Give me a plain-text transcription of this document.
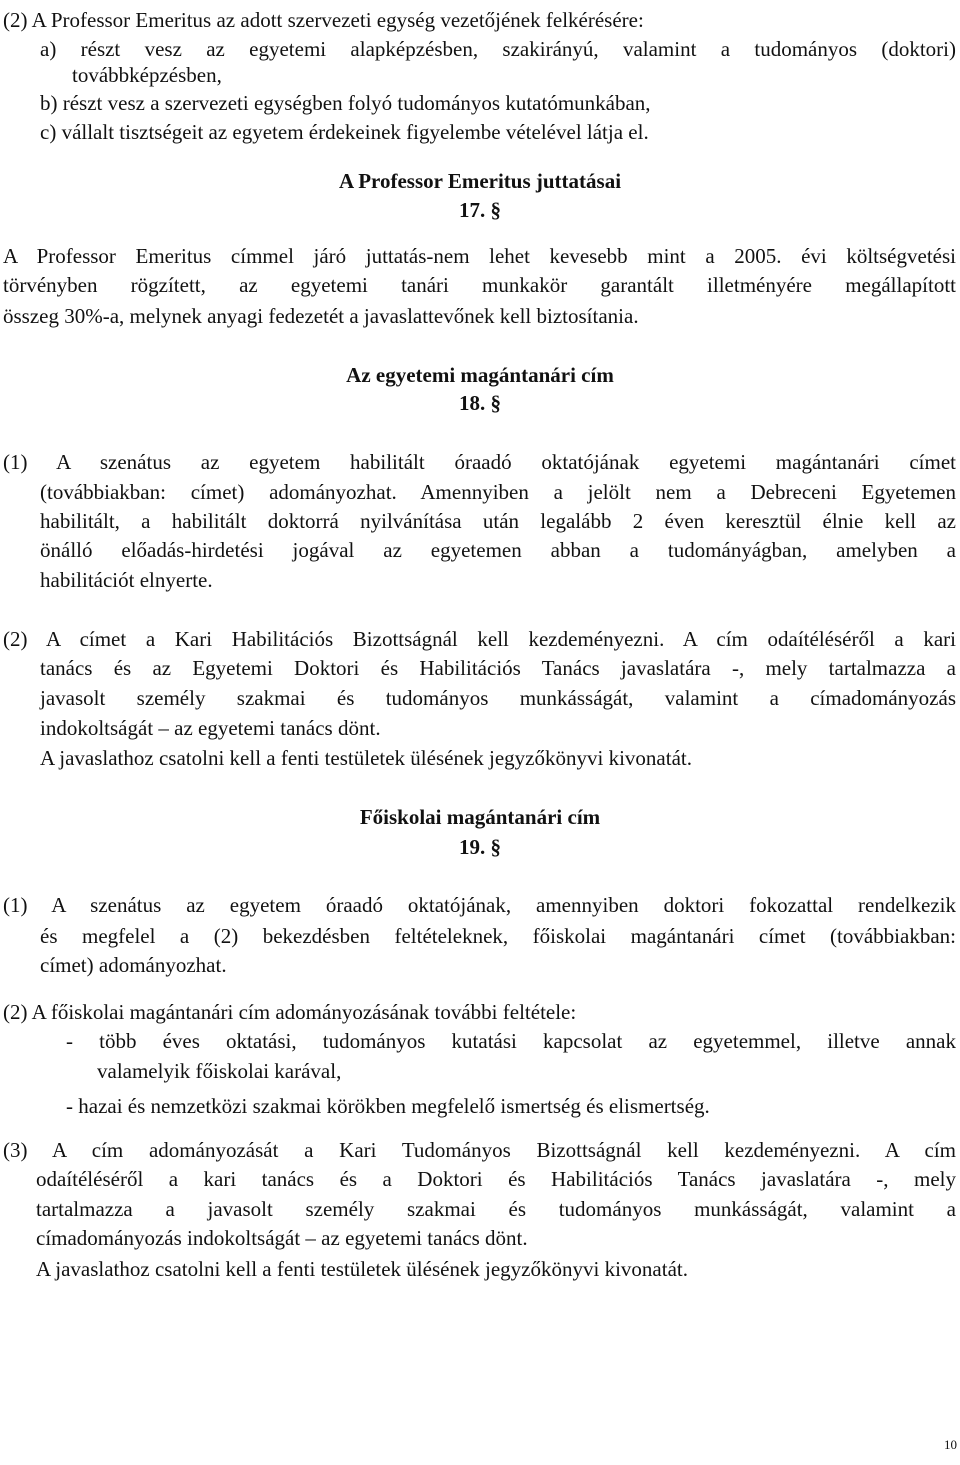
(2) A Professor Emeritus az adott szervezeti egység vezetőjének felkérésére:
a) részt vesz az egyetemi alapképzésben, szakirányú, valamint a tudományos (doktori)
továbbképzésben,
b) részt vesz a szervezeti egységben folyó tudományos kutatómunkában,
c) vállalt tisztségeit az egyetem érdekeinek figyelembe vételével látja el.
A Professor Emeritus juttatásai
17. §
A Professor Emeritus címmel járó juttatás-nem lehet kevesebb mint a 2005. évi költségvetési
törvényben rögzített, az egyetemi tanári munkakör garantált illetményére megállapított
összeg 30%-a, melynek anyagi fedezetét a javaslattevőnek kell biztosítania.
Az egyetemi magántanári cím
18. §
(1) A szenátus az egyetem habilitált óraadó oktatójának egyetemi magántanári címet
(továbbiakban: címet) adományozhat. Amennyiben a jelölt nem a Debreceni Egyetemen
habilitált, a habilitált doktorrá nyilvánítása után legalább 2 éven keresztül élnie kell az
önálló előadás-hirdetési jogával az egyetemen abban a tudományágban, amelyben a
habilitációt elnyerte.
(2) A címet a Kari Habilitációs Bizottságnál kell kezdeményezni. A cím odaítéléséről a kari
tanács és az Egyetemi Doktori és Habilitációs Tanács javaslatára -, mely tartalmazza a
javasolt személy szakmai és tudományos munkásságát, valamint a címadományozás
indokoltságát – az egyetemi tanács dönt.
A javaslathoz csatolni kell a fenti testületek ülésének jegyzőkönyvi kivonatát.
Főiskolai magántanári cím
19. §
(1) A szenátus az egyetem óraadó oktatójának, amennyiben doktori fokozattal rendelkezik
és megfelel a (2) bekezdésben feltételeknek, főiskolai magántanári címet (továbbiakban:
címet) adományozhat.
(2) A főiskolai magántanári cím adományozásának további feltétele:
- több éves oktatási, tudományos kutatási kapcsolat az egyetemmel, illetve annak
valamelyik főiskolai karával,
- hazai és nemzetközi szakmai körökben megfelelő ismertség és elismertség.
(3) A cím adományozását a Kari Tudományos Bizottságnál kell kezdeményezni. A cím
odaítéléséről a kari tanács és a Doktori és Habilitációs Tanács javaslatára -, mely
tartalmazza a javasolt személy szakmai és tudományos munkásságát, valamint a
címadományozás indokoltságát – az egyetemi tanács dönt.
A javaslathoz csatolni kell a fenti testületek ülésének jegyzőkönyvi kivonatát.
10
